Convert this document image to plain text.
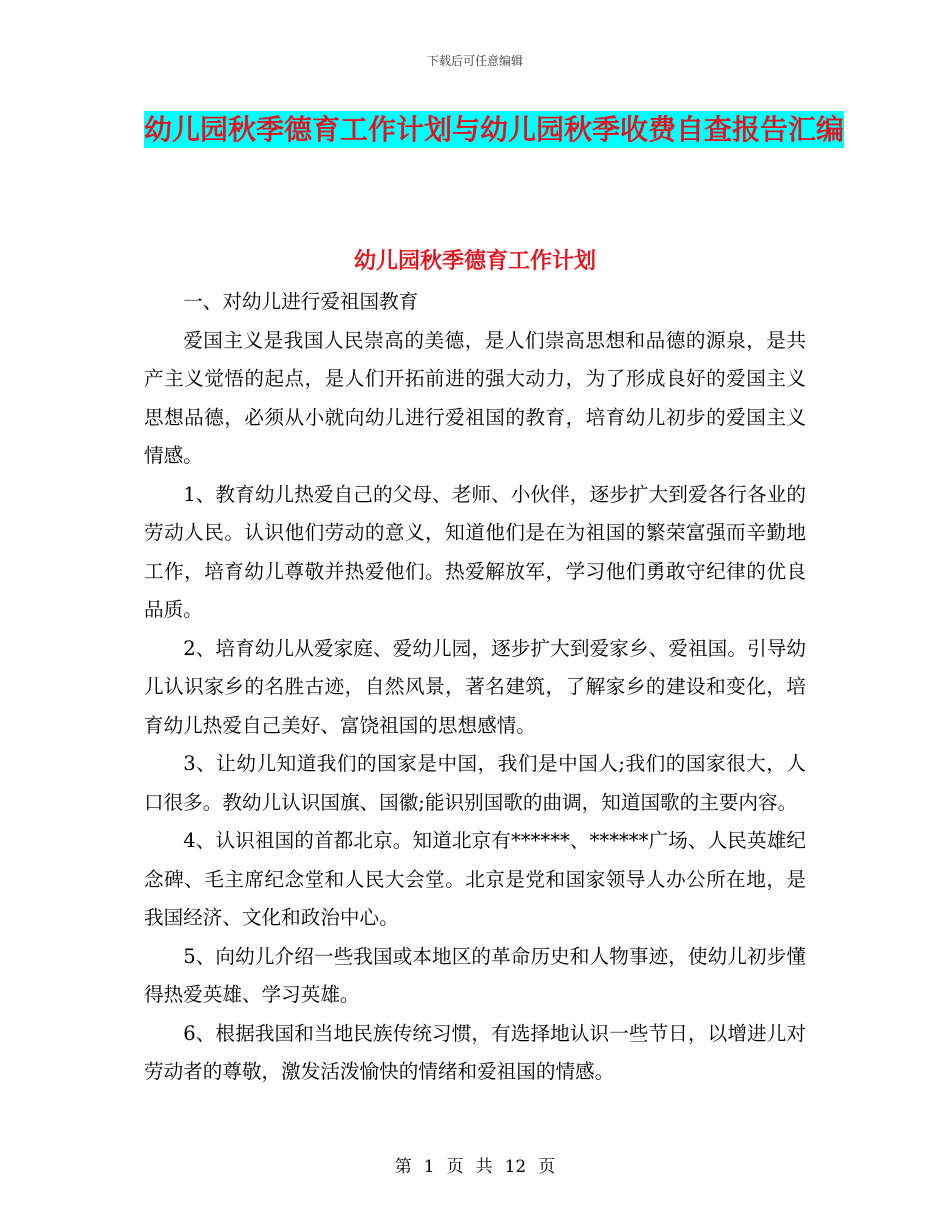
下载后可任意编辑
幼儿园秋季德育工作计划与幼儿园秋季收费自查报告汇编
幼儿园秋季德育工作计划

一、对幼儿进行爱祖国教育

爱国主义是我国人民崇高的美德，是人们崇高思想和品德的源泉，是共产主义觉悟的起点，是人们开拓前进的强大动力，为了形成良好的爱国主义思想品德，必须从小就向幼儿进行爱祖国的教育，培育幼儿初步的爱国主义情感。

1、教育幼儿热爱自己的父母、老师、小伙伴，逐步扩大到爱各行各业的劳动人民。认识他们劳动的意义，知道他们是在为祖国的繁荣富强而辛勤地工作，培育幼儿尊敬并热爱他们。热爱解放军，学习他们勇敢守纪律的优良品质。

2、培育幼儿从爱家庭、爱幼儿园，逐步扩大到爱家乡、爱祖国。引导幼儿认识家乡的名胜古迹，自然风景，著名建筑，了解家乡的建设和变化，培育幼儿热爱自己美好、富饶祖国的思想感情。

3、让幼儿知道我们的国家是中国，我们是中国人;我们的国家很大，人口很多。教幼儿认识国旗、国徽;能识别国歌的曲调，知道国歌的主要内容。

4、认识祖国的首都北京。知道北京有******、******广场、人民英雄纪念碑、毛主席纪念堂和人民大会堂。北京是党和国家领导人办公所在地，是我国经济、文化和政治中心。

5、向幼儿介绍一些我国或本地区的革命历史和人物事迹，使幼儿初步懂得热爱英雄、学习英雄。

6、根据我国和当地民族传统习惯，有选择地认识一些节日，以增进儿对劳动者的尊敬，激发活泼愉快的情绪和爱祖国的情感。

第 1 页 共 12 页
